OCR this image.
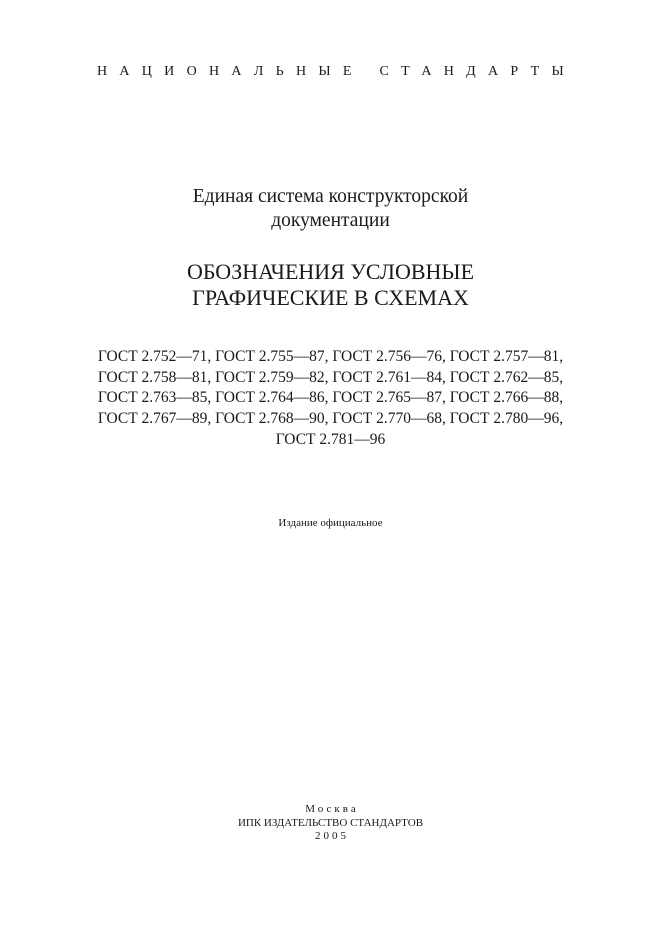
НАЦИОНАЛЬНЫЕ СТАНДАРТЫ
Единая система конструкторской
документации
ОБОЗНАЧЕНИЯ УСЛОВНЫЕ
ГРАФИЧЕСКИЕ В СХЕМАХ
ГОСТ 2.752—71, ГОСТ 2.755—87, ГОСТ 2.756—76, ГОСТ 2.757—81,
ГОСТ 2.758—81, ГОСТ 2.759—82, ГОСТ 2.761—84, ГОСТ 2.762—85,
ГОСТ 2.763—85, ГОСТ 2.764—86, ГОСТ 2.765—87, ГОСТ 2.766—88,
ГОСТ 2.767—89, ГОСТ 2.768—90, ГОСТ 2.770—68, ГОСТ 2.780—96,
ГОСТ 2.781—96
Издание официальное
Москва
ИПК ИЗДАТЕЛЬСТВО СТАНДАРТОВ
2005
